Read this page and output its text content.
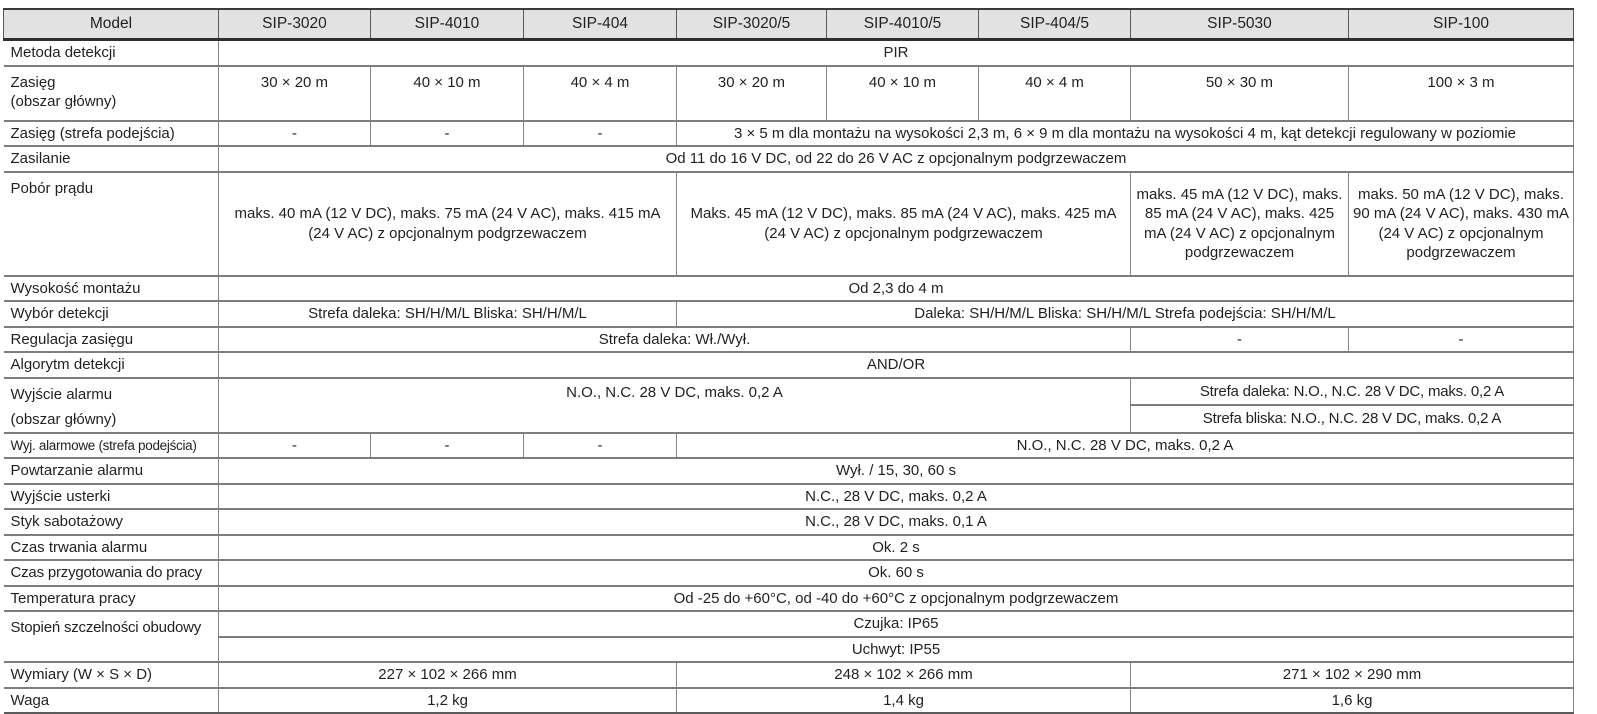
Model	SIP-3020	SIP-4010	SIP-404	SIP-3020/5	SIP-4010/5	SIP-404/5	SIP-5030	SIP-100
Metoda detekcji	PIR							

Zasięg
(obszar główny)	30 × 20 m	40 × 10 m	40 × 4 m	30 × 20 m	40 × 10 m	40 × 4 m	50 × 30 m	100 × 3 m
Zasięg (strefa podejścia)	-	-	-	3 × 5 m dla montażu na wysokości 2,3 m, 6 × 9 m dla montażu na wysokości 4 m, kąt detekcji regulowany w poziomie				
Zasilanie	Od 11 do 16 V DC, od 22 do 26 V AC z opcjonalnym podgrzewaczem							
Pobór prądu	maks. 40 mA (12 V DC), maks. 75 mA (24 V AC), maks. 415 mA (24 V AC) z opcjonalnym podgrzewaczem			Maks. 45 mA (12 V DC), maks. 85 mA (24 V AC), maks. 425 mA (24 V AC) z opcjonalnym podgrzewaczem			maks. 45 mA (12 V DC), maks. 85 mA (24 V AC), maks. 425 mA (24 V AC) z opcjonalnym podgrzewaczem	maks. 50 mA (12 V DC), maks. 90 mA (24 V AC), maks. 430 mA (24 V AC) z opcjonalnym podgrzewaczem
Wysokość montażu	Od 2,3 do 4 m							
Wybór detekcji	Strefa daleka: SH/H/M/L Bliska: SH/H/M/L			Daleka: SH/H/M/L Bliska: SH/H/M/L Strefa podejścia: SH/H/M/L				
Regulacja zasięgu	Strefa daleka: Wł./Wył.						-	-
Algorytm detekcji	AND/OR							

Wyjście alarmu
(obszar główny)	N.O., N.C. 28 V DC, maks. 0,2 A						Strefa daleka: N.O., N.C. 28 V DC, maks. 0,2 A	
							Strefa bliska: N.O., N.C. 28 V DC, maks. 0,2 A	
Wyj. alarmowe (strefa podejścia)	-	-	-	N.O., N.C. 28 V DC, maks. 0,2 A				
Powtarzanie alarmu	Wył. / 15, 30, 60 s							
Wyjście usterki	N.C., 28 V DC, maks. 0,2 A							
Styk sabotażowy	N.C., 28 V DC, maks. 0,1 A							
Czas trwania alarmu	Ok. 2 s							
Czas przygotowania do pracy	Ok. 60 s							
Temperatura pracy	Od -25 do +60°C, od -40 do +60°C z opcjonalnym podgrzewaczem							
Stopień szczelności obudowy	Czujka: IP65							
	Uchwyt: IP55							
Wymiary (W × S × D)	227 × 102 × 266 mm			248 × 102 × 266 mm			271 × 102 × 290 mm	
Waga	1,2 kg			1,4 kg			1,6 kg	
